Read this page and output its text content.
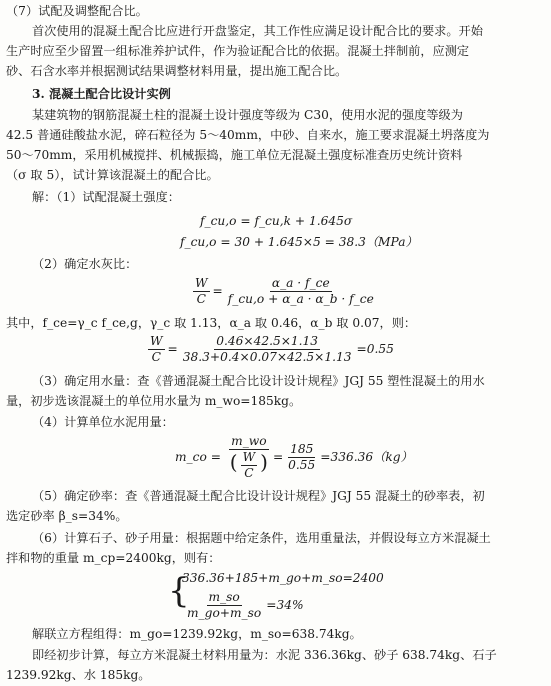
（7）试配及调整配合比。
首次使用的混凝土配合比应进行开盘鉴定，其工作性应满足设计配合比的要求。开始
生产时应至少留置一组标准养护试件，作为验证配合比的依据。混凝土拌制前，应测定
砂、石含水率并根据测试结果调整材料用量，提出施工配合比。
3. 混凝土配合比设计实例
某建筑物的钢筋混凝土柱的混凝土设计强度等级为 C30，使用水泥的强度等级为
42.5 普通硅酸盐水泥，碎石粒径为 5～40mm，中砂、自来水，施工要求混凝土坍落度为
50～70mm，采用机械搅拌、机械振捣，施工单位无混凝土强度标准查历史统计资料
（σ 取 5），试计算该混凝土的配合比。
解：（1）试配混凝土强度：
f_cu,o = f_cu,k + 1.645σ
f_cu,o = 30 + 1.645×5 = 38.3（MPa）
（2）确定水灰比：
$\frac{W}{C} = \frac{\alpha\_a \cdot f\_ce}{f\_cu,o + \alpha\_a \cdot \alpha\_b \cdot f\_ce}$
其中，f_ce=γ_c f_ce,g，γ_c 取 1.13，α_a 取 0.46，α_b 取 0.07，则：
$\frac{W}{C} = \frac{0.46\times 42.5\times 1.13}{38.3+0.4\times 0.07\times 42.5\times 1.13} =0.55$
（3）确定用水量：查《普通混凝土配合比设计设计规程》JGJ 55 塑性混凝土的用水
量，初步选该混凝土的单位用水量为 m_wo=185kg。
（4）计算单位水泥用量：
m_co = $\frac{m\_wo}{( \frac{W}{C} )} = \frac{185}{0.55} =336.36(kg)$
（5）确定砂率：查《普通混凝土配合比设计设计规程》JGJ 55 混凝土的砂率表，初
选定砂率 β_s=34%。
（6）计算石子、砂子用量：根据题中给定条件，选用重量法，并假设每立方米混凝土
拌和物的重量 m_cp=2400kg，则有：
{
336.36+185+m_go+m_so=2400
$\frac{m\_so}{m\_go+m\_so} =34\%$
解联立方程组得：m_go=1239.92kg，m_so=638.74kg。
即经初步计算，每立方米混凝土材料用量为：水泥 336.36kg、砂子 638.74kg、石子
1239.92kg、水 185kg。
